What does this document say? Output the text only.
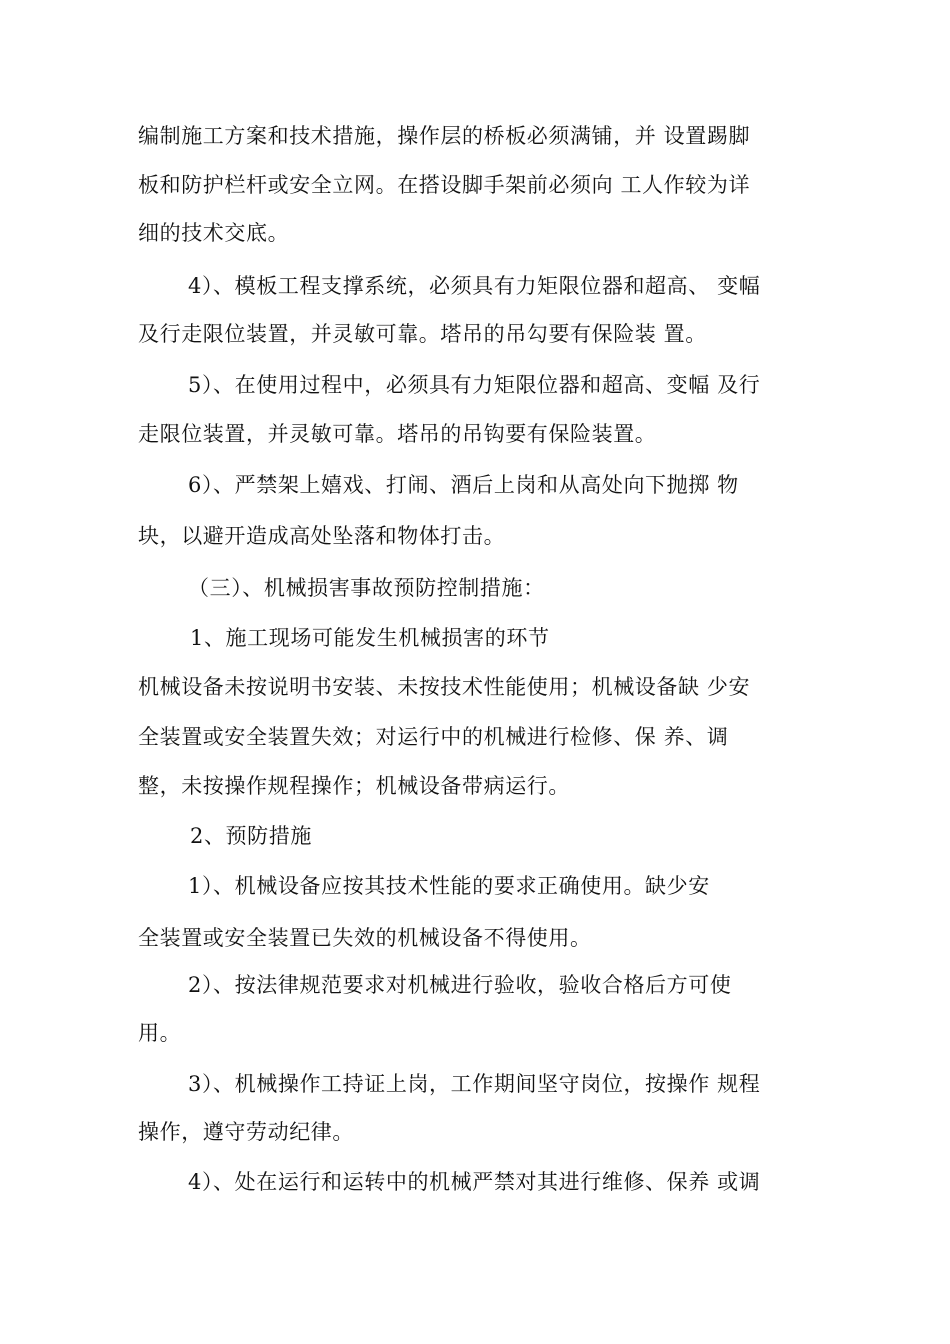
编制施工方案和技术措施，操作层的桥板必须满铺，并 设置踢脚
板和防护栏杆或安全立网。在搭设脚手架前必须向 工人作较为详
细的技术交底。
4）、模板工程支撑系统，必须具有力矩限位器和超高、 变幅
及行走限位装置，并灵敏可靠。塔吊的吊勾要有保险装 置。
5）、在使用过程中，必须具有力矩限位器和超高、变幅 及行
走限位装置，并灵敏可靠。塔吊的吊钩要有保险装置。
6）、严禁架上嬉戏、打闹、酒后上岗和从高处向下抛掷 物
块，以避开造成高处坠落和物体打击。
（三）、机械损害事故预防控制措施：
1、施工现场可能发生机械损害的环节
机械设备未按说明书安装、未按技术性能使用；机械设备缺 少安
全装置或安全装置失效；对运行中的机械进行检修、保 养、调
整，未按操作规程操作；机械设备带病运行。
2、预防措施
1）、机械设备应按其技术性能的要求正确使用。缺少安
全装置或安全装置已失效的机械设备不得使用。
2）、按法律规范要求对机械进行验收，验收合格后方可使
用。
3）、机械操作工持证上岗，工作期间坚守岗位，按操作 规程
操作，遵守劳动纪律。
4）、处在运行和运转中的机械严禁对其进行维修、保养 或调
